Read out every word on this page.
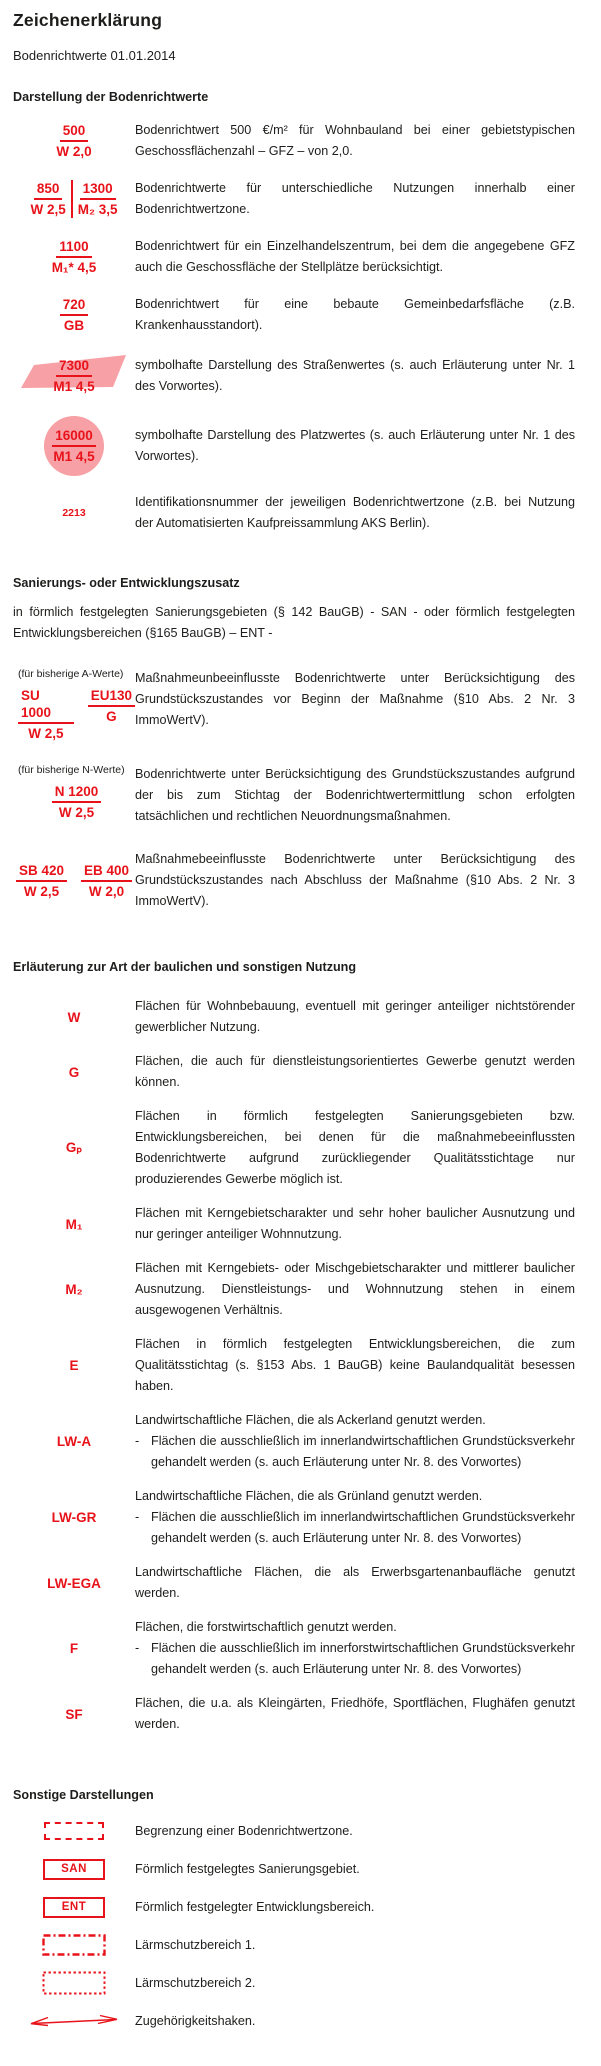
Zeichenerklärung
Bodenrichtwerte 01.01.2014
Darstellung der Bodenrichtwerte
$\frac{500}{W 2,0}$	Bodenrichtwert 500 €/m² für Wohnbauland bei einer gebietstypischen Geschossflächenzahl – GFZ – von 2,0.
$\frac{850}{W 2,5} \frac{1300}{\text{M₂ 3,5}}$ Bodenrichtwerte für unterschiedliche Nutzungen innerhalb einer Bodenrichtwertzone.
$\frac{1100}{\text{M₁* 4,5}}$	Bodenrichtwert für ein Einzelhandelszentrum, bei dem die angegebene GFZ auch die Geschossfläche der Stellplätze berücksichtigt.
$\frac{720}{GB}$	Bodenrichtwert für eine bebaute Gemeinbedarfsfläche (z.B. Krankenhausstandort).
$\frac{7300}{M1 4,5}$	symbolhafte Darstellung des Straßenwertes (s. auch Erläuterung unter Nr. 1 des Vorwortes).
$\frac{16000}{M1 4,5}$	symbolhafte Darstellung des Platzwertes (s. auch Erläuterung unter Nr. 1 des Vorwortes).
2213
Identifikationsnummer der jeweiligen Bodenrichtwertzone (z.B. bei Nutzung der Automatisierten Kaufpreissammlung AKS Berlin).
Sanierungs- oder Entwicklungszusatz
in förmlich festgelegten Sanierungsgebieten (§ 142 BauGB) - SAN - oder förmlich festgelegten Entwicklungsbereichen (§165 BauGB) – ENT -
(für bisherige A-Werte)
$\frac{SU 1000}{W 2,5} \frac{EU130}{G}$
Maßnahmeunbeeinflusste Bodenrichtwerte unter Berücksichtigung des Grundstückszustandes vor Beginn der Maßnahme (§10 Abs. 2 Nr. 3 ImmoWertV).
(für bisherige N-Werte)
$\frac{N 1200}{W 2,5}$
Bodenrichtwerte unter Berücksichtigung des Grundstückszustandes aufgrund der bis zum Stichtag der Bodenrichtwertermittlung schon erfolgten tatsächlichen und rechtlichen Neuordnungsmaßnahmen.
$\frac{SB 420}{W 2,5} \frac{EB 400}{W 2,0}$
Maßnahmebeeinflusste Bodenrichtwerte unter Berücksichtigung des Grundstückszustandes nach Abschluss der Maßnahme (§10 Abs. 2 Nr. 3 ImmoWertV).
Erläuterung zur Art der baulichen und sonstigen Nutzung
W
Flächen für Wohnbebauung, eventuell mit geringer anteiliger nichtstörender gewerblicher Nutzung.
G
Flächen, die auch für dienstleistungsorientiertes Gewerbe genutzt werden können.
Gₚ
Flächen in förmlich festgelegten Sanierungsgebieten bzw. Entwicklungsbereichen, bei denen für die maßnahmebeeinflussten Bodenrichtwerte aufgrund zurückliegender Qualitätsstichtage nur produzierendes Gewerbe möglich ist.
M₁
Flächen mit Kerngebietscharakter und sehr hoher baulicher Ausnutzung und nur geringer anteiliger Wohnnutzung.
M₂
Flächen mit Kerngebiets- oder Mischgebietscharakter und mittlerer baulicher Ausnutzung. Dienstleistungs- und Wohnnutzung stehen in einem ausgewogenen Verhältnis.
E
Flächen in förmlich festgelegten Entwicklungsbereichen, die zum Qualitätsstichtag (s. §153 Abs. 1 BauGB) keine Baulandqualität besessen haben.
LW-A
Landwirtschaftliche Flächen, die als Ackerland genutzt werden.
- Flächen die ausschließlich im innerlandwirtschaftlichen Grundstücksverkehr gehandelt werden (s. auch Erläuterung unter Nr. 8. des Vorwortes)
LW-GR
Landwirtschaftliche Flächen, die als Grünland genutzt werden.
- Flächen die ausschließlich im innerlandwirtschaftlichen Grundstücksverkehr gehandelt werden (s. auch Erläuterung unter Nr. 8. des Vorwortes)
LW-EGA
Landwirtschaftliche Flächen, die als Erwerbsgartenanbaufläche genutzt werden.
F
Flächen, die forstwirtschaftlich genutzt werden.
- Flächen die ausschließlich im innerforstwirtschaftlichen Grundstücksverkehr gehandelt werden (s. auch Erläuterung unter Nr. 8. des Vorwortes)
SF
Flächen, die u.a. als Kleingärten, Friedhöfe, Sportflächen, Flughäfen genutzt werden.
Sonstige Darstellungen
Begrenzung einer Bodenrichtwertzone.
SAN	Förmlich festgelegtes Sanierungsgebiet.
ENT	Förmlich festgelegter Entwicklungsbereich.
Lärmschutzbereich 1.
Lärmschutzbereich 2.
Zugehörigkeitshaken.
